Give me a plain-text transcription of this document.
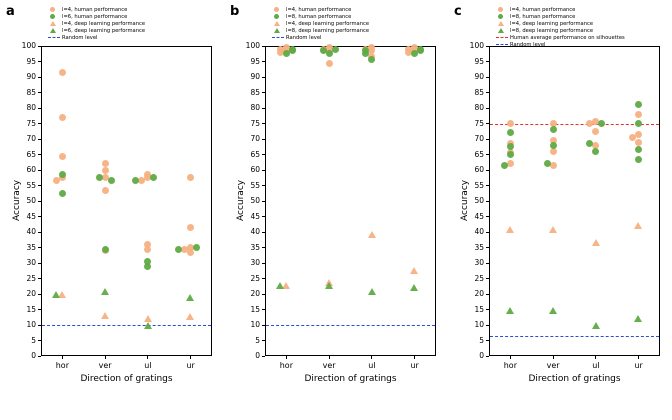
a
0
5
10
15
20
25
30
35
40
45
50
55
60
65
70
75
80
85
90
95
100
hor	ver	ul	ur
Direction of gratings
Accuracy
l=4, human performance
l=6, human performance
l=4, deep learning performance
l=6, deep learning performance
Random level
b
0
5
10
15
20
25
30
35
40
45
50
55
60
65
70
75
80
85
90
95
100
hor	ver	ul	ur
Direction of gratings
Accuracy
l=4, human performance
l=8, human performance
l=4, deep learning performance
l=8, deep learning performance
Random level
c
0
5
10
15
20
25
30
35
40
45
50
55
60
65
70
75
80
85
90
95
100
hor	ver	ul	ur
Direction of gratings
Accuracy
l=4, human performance
l=8, human performance
l=4, deep learning performance
l=8, deep learning performance
Human average performance on silhouettes
Random level
